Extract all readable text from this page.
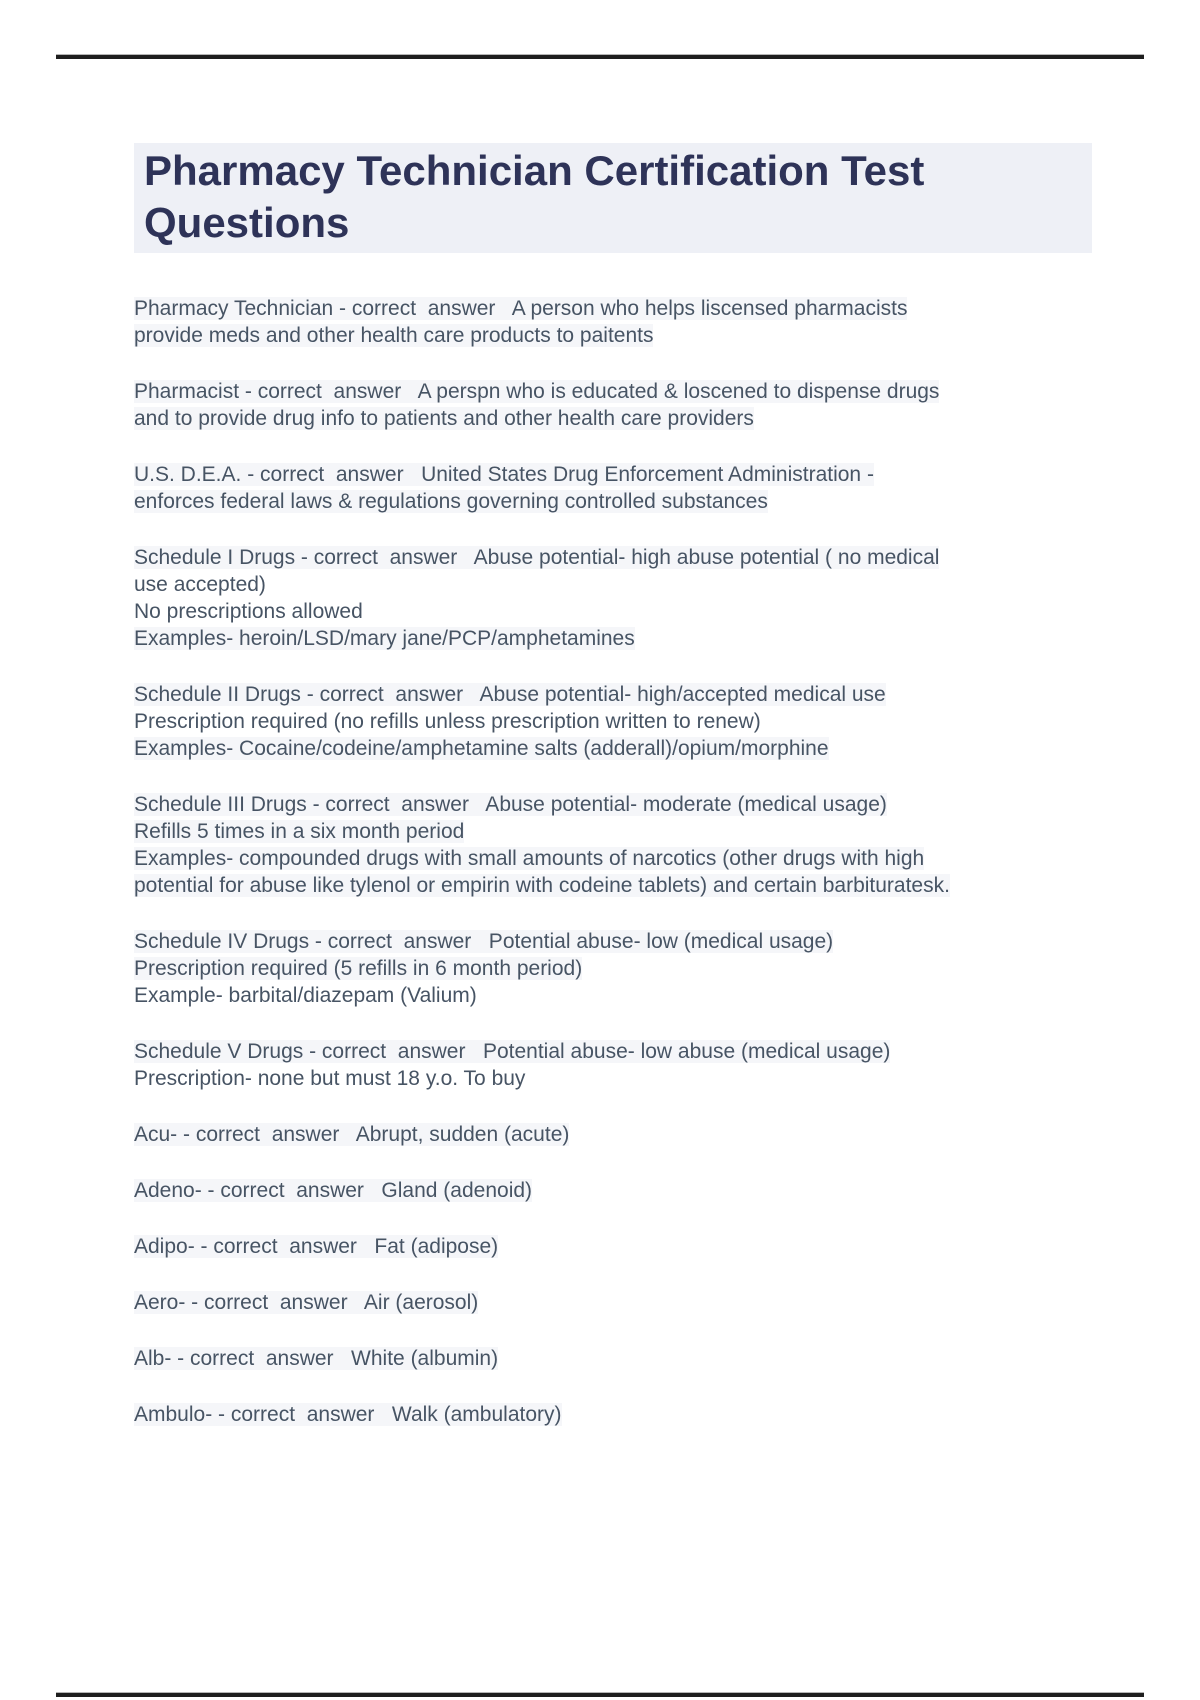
Pharmacy Technician Certification Test
Questions

Pharmacy Technician - correct  answer   A person who helps liscensed pharmacists
provide meds and other health care products to paitents

Pharmacist - correct  answer   A perspn who is educated & loscened to dispense drugs
and to provide drug info to patients and other health care providers

U.S. D.E.A. - correct  answer   United States Drug Enforcement Administration -
enforces federal laws & regulations governing controlled substances

Schedule I Drugs - correct  answer   Abuse potential- high abuse potential ( no medical
use accepted)
No prescriptions allowed
Examples- heroin/LSD/mary jane/PCP/amphetamines

Schedule II Drugs - correct  answer   Abuse potential- high/accepted medical use
Prescription required (no refills unless prescription written to renew)
Examples- Cocaine/codeine/amphetamine salts (adderall)/opium/morphine

Schedule III Drugs - correct  answer   Abuse potential- moderate (medical usage)
Refills 5 times in a six month period
Examples- compounded drugs with small amounts of narcotics (other drugs with high
potential for abuse like tylenol or empirin with codeine tablets) and certain barbituratesk.

Schedule IV Drugs - correct  answer   Potential abuse- low (medical usage)
Prescription required (5 refills in 6 month period)
Example- barbital/diazepam (Valium)

Schedule V Drugs - correct  answer   Potential abuse- low abuse (medical usage)
Prescription- none but must 18 y.o. To buy

Acu- - correct  answer   Abrupt, sudden (acute)

Adeno- - correct  answer   Gland (adenoid)

Adipo- - correct  answer   Fat (adipose)

Aero- - correct  answer   Air (aerosol)

Alb- - correct  answer   White (albumin)

Ambulo- - correct  answer   Walk (ambulatory)
